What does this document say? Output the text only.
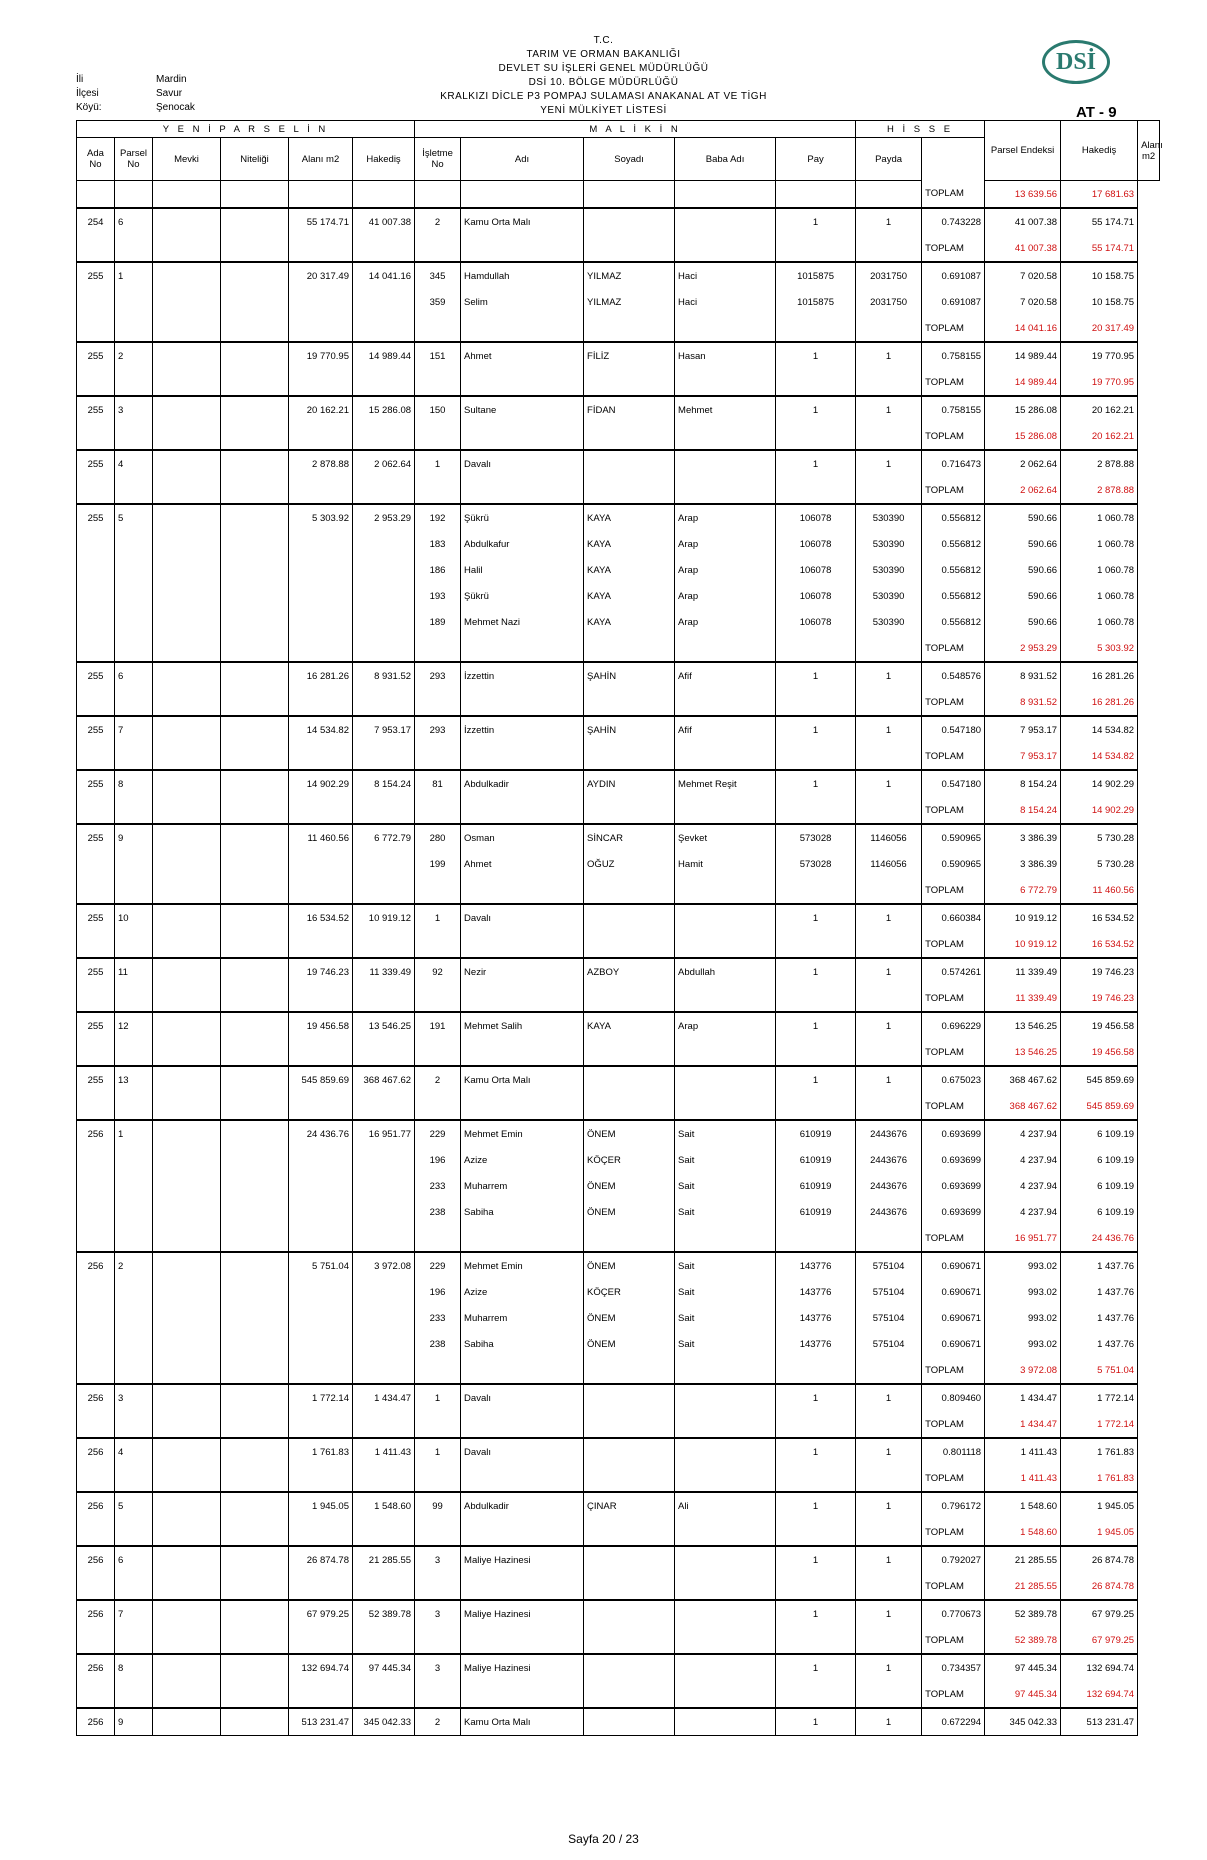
T.C.
TARIM VE ORMAN BAKANLIĞI
DEVLET SU İŞLERİ GENEL MÜDÜRLÜĞÜ
DSİ 10. BÖLGE MÜDÜRLÜĞÜ
KRALKIZI DİCLE P3 POMPAJ SULAMASI ANAKANAL AT VE TİGH
YENİ MÜLKİYET LİSTESİ
İli	Mardin
İlçesi	Savur
Köyü:	Şenocak
DSİ
AT - 9
Y E N İ P A R S E L İ N						M A L İ K İ N					H İ S S E		Parsel Endeksi	Hakediş	Alanı m2
Ada No	Parsel No	Mevki	Niteliği	Alanı m2	Hakediş	İşletme No	Adı	Soyadı	Baba Adı	Pay	Payda				
												TOPLAM	13 639.56	17 681.63	
254	6			55 174.71	41 007.38	2	Kamu Orta Malı			1	1	0.743228	41 007.38	55 174.71	
												TOPLAM	41 007.38	55 174.71	
255	1			20 317.49	14 041.16	345	Hamdullah	YILMAZ	Haci	1015875	2031750	0.691087	7 020.58	10 158.75	
						359	Selim	YILMAZ	Haci	1015875	2031750	0.691087	7 020.58	10 158.75	
												TOPLAM	14 041.16	20 317.49	
255	2			19 770.95	14 989.44	151	Ahmet	FİLİZ	Hasan	1	1	0.758155	14 989.44	19 770.95	
												TOPLAM	14 989.44	19 770.95	
255	3			20 162.21	15 286.08	150	Sultane	FİDAN	Mehmet	1	1	0.758155	15 286.08	20 162.21	
												TOPLAM	15 286.08	20 162.21	
255	4			2 878.88	2 062.64	1	Davalı			1	1	0.716473	2 062.64	2 878.88	
												TOPLAM	2 062.64	2 878.88	
255	5			5 303.92	2 953.29	192	Şükrü	KAYA	Arap	106078	530390	0.556812	590.66	1 060.78	
						183	Abdulkafur	KAYA	Arap	106078	530390	0.556812	590.66	1 060.78	
						186	Halil	KAYA	Arap	106078	530390	0.556812	590.66	1 060.78	
						193	Şükrü	KAYA	Arap	106078	530390	0.556812	590.66	1 060.78	
						189	Mehmet Nazi	KAYA	Arap	106078	530390	0.556812	590.66	1 060.78	
												TOPLAM	2 953.29	5 303.92	
255	6			16 281.26	8 931.52	293	İzzettin	ŞAHİN	Afif	1	1	0.548576	8 931.52	16 281.26	
												TOPLAM	8 931.52	16 281.26	
255	7			14 534.82	7 953.17	293	İzzettin	ŞAHİN	Afif	1	1	0.547180	7 953.17	14 534.82	
												TOPLAM	7 953.17	14 534.82	
255	8			14 902.29	8 154.24	81	Abdulkadir	AYDIN	Mehmet Reşit	1	1	0.547180	8 154.24	14 902.29	
												TOPLAM	8 154.24	14 902.29	
255	9			11 460.56	6 772.79	280	Osman	SİNCAR	Şevket	573028	1146056	0.590965	3 386.39	5 730.28	
						199	Ahmet	OĞUZ	Hamit	573028	1146056	0.590965	3 386.39	5 730.28	
												TOPLAM	6 772.79	11 460.56	
255	10			16 534.52	10 919.12	1	Davalı			1	1	0.660384	10 919.12	16 534.52	
												TOPLAM	10 919.12	16 534.52	
255	11			19 746.23	11 339.49	92	Nezir	AZBOY	Abdullah	1	1	0.574261	11 339.49	19 746.23	
												TOPLAM	11 339.49	19 746.23	
255	12			19 456.58	13 546.25	191	Mehmet Salih	KAYA	Arap	1	1	0.696229	13 546.25	19 456.58	
												TOPLAM	13 546.25	19 456.58	
255	13			545 859.69	368 467.62	2	Kamu Orta Malı			1	1	0.675023	368 467.62	545 859.69	
												TOPLAM	368 467.62	545 859.69	
256	1			24 436.76	16 951.77	229	Mehmet Emin	ÖNEM	Sait	610919	2443676	0.693699	4 237.94	6 109.19	
						196	Azize	KÖÇER	Sait	610919	2443676	0.693699	4 237.94	6 109.19	
						233	Muharrem	ÖNEM	Sait	610919	2443676	0.693699	4 237.94	6 109.19	
						238	Sabiha	ÖNEM	Sait	610919	2443676	0.693699	4 237.94	6 109.19	
												TOPLAM	16 951.77	24 436.76	
256	2			5 751.04	3 972.08	229	Mehmet Emin	ÖNEM	Sait	143776	575104	0.690671	993.02	1 437.76	
						196	Azize	KÖÇER	Sait	143776	575104	0.690671	993.02	1 437.76	
						233	Muharrem	ÖNEM	Sait	143776	575104	0.690671	993.02	1 437.76	
						238	Sabiha	ÖNEM	Sait	143776	575104	0.690671	993.02	1 437.76	
												TOPLAM	3 972.08	5 751.04	
256	3			1 772.14	1 434.47	1	Davalı			1	1	0.809460	1 434.47	1 772.14	
												TOPLAM	1 434.47	1 772.14	
256	4			1 761.83	1 411.43	1	Davalı			1	1	0.801118	1 411.43	1 761.83	
												TOPLAM	1 411.43	1 761.83	
256	5			1 945.05	1 548.60	99	Abdulkadir	ÇINAR	Ali	1	1	0.796172	1 548.60	1 945.05	
												TOPLAM	1 548.60	1 945.05	
256	6			26 874.78	21 285.55	3	Maliye Hazinesi			1	1	0.792027	21 285.55	26 874.78	
												TOPLAM	21 285.55	26 874.78	
256	7			67 979.25	52 389.78	3	Maliye Hazinesi			1	1	0.770673	52 389.78	67 979.25	
												TOPLAM	52 389.78	67 979.25	
256	8			132 694.74	97 445.34	3	Maliye Hazinesi			1	1	0.734357	97 445.34	132 694.74	
												TOPLAM	97 445.34	132 694.74	
256	9			513 231.47	345 042.33	2	Kamu Orta Malı			1	1	0.672294	345 042.33	513 231.47	
Sayfa 20 / 23
